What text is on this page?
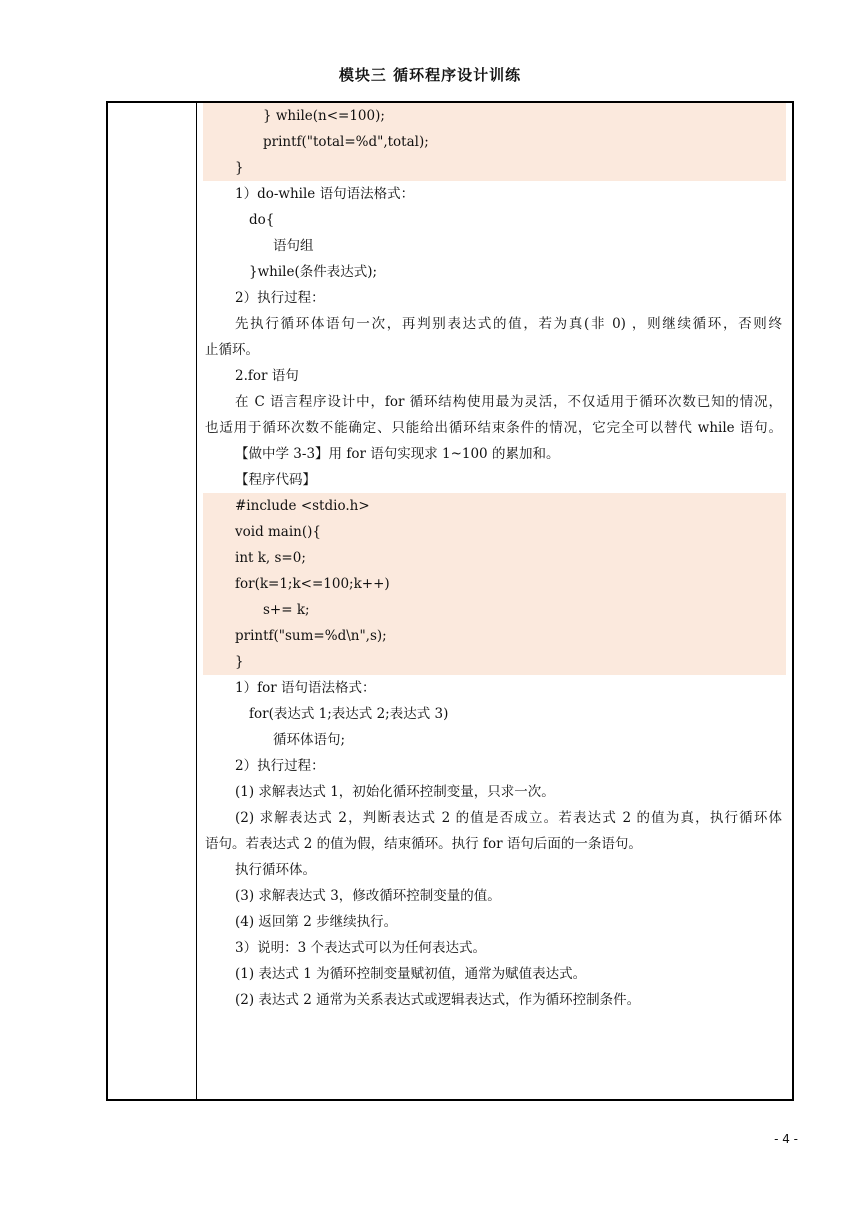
模块三 循环程序设计训练
} while(n<=100);
printf("total=%d",total);
}
1）do-while 语句语法格式：
do{
语句组
}while(条件表达式);
2）执行过程：
先执行循环体语句一次，再判别表达式的值，若为真(非 0) ，则继续循环，否则终
止循环。
2.for 语句
在 C 语言程序设计中，for 循环结构使用最为灵活，不仅适用于循环次数已知的情况，
也适用于循环次数不能确定、只能给出循环结束条件的情况，它完全可以替代 while 语句。
【做中学 3-3】用 for 语句实现求 1~100 的累加和。
【程序代码】
#include <stdio.h>
void main(){
int k, s=0;
for(k=1;k<=100;k++)
s+= k;
printf("sum=%d\n",s);
}
1）for 语句语法格式：
for(表达式 1;表达式 2;表达式 3)
循环体语句;
2）执行过程：
(1) 求解表达式 1，初始化循环控制变量，只求一次。
(2) 求解表达式 2，判断表达式 2 的值是否成立。若表达式 2 的值为真，执行循环体
语句。若表达式 2 的值为假，结束循环。执行 for 语句后面的一条语句。
执行循环体。
(3) 求解表达式 3，修改循环控制变量的值。
(4) 返回第 2 步继续执行。
3）说明：3 个表达式可以为任何表达式。
(1) 表达式 1 为循环控制变量赋初值，通常为赋值表达式。
(2) 表达式 2 通常为关系表达式或逻辑表达式，作为循环控制条件。
- 4 -
